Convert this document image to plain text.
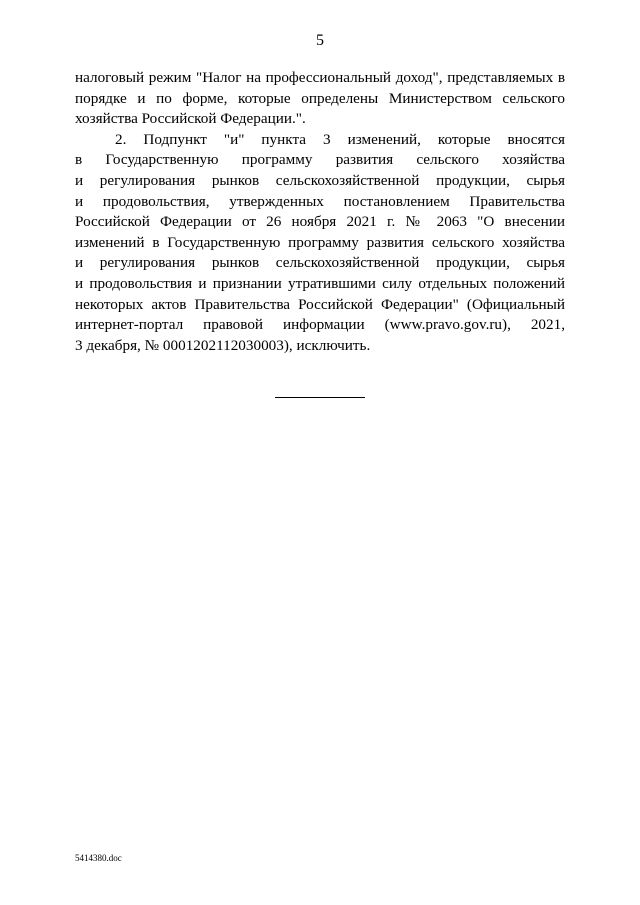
5
налоговый режим "Налог на профессиональный доход", представляемых в
порядке и по форме, которые определены Министерством сельского
хозяйства Российской Федерации.".
2. Подпункт "и" пункта 3 изменений, которые вносятся
в Государственную программу развития сельского хозяйства
и регулирования рынков сельскохозяйственной продукции, сырья
и продовольствия, утвержденных постановлением Правительства
Российской Федерации от 26 ноября 2021 г. № 2063 "О внесении
изменений в Государственную программу развития сельского хозяйства
и регулирования рынков сельскохозяйственной продукции, сырья
и продовольствия и признании утратившими силу отдельных положений
некоторых актов Правительства Российской Федерации" (Официальный
интернет-портал правовой информации (www.pravo.gov.ru), 2021,
3 декабря, № 0001202112030003), исключить.
5414380.doc
